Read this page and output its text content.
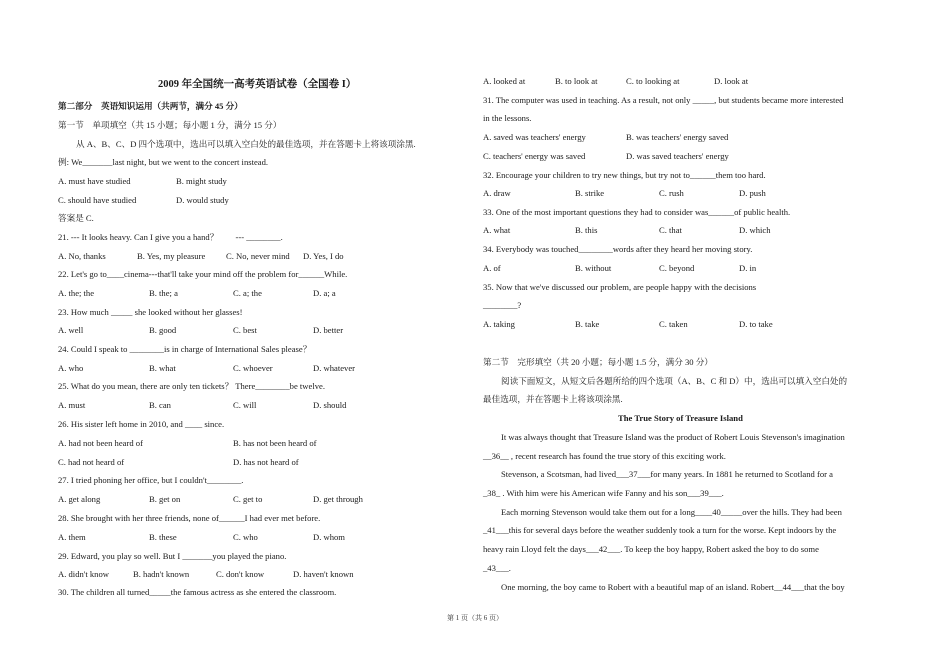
2009 年全国统一高考英语试卷（全国卷 I）
第二部分　英语知识运用（共两节，满分 45 分）
第一节　单项填空（共 15 小题；每小题 1 分，满分 15 分）
从 A、B、C、D 四个选项中，选出可以填入空白处的最佳选项，并在答题卡上将该项涂黑.
例: We_______last night, but we went to the concert instead.
A. must have studied	B. might study
C. should have studied	D. would study
答案是 C.
21. --- It looks heavy. Can I give you a hand？　　--- ________.
A. No, thanks	B. Yes, my pleasure C. No, never mind D. Yes, I do
22. Let's go to____cinema---that'll take your mind off the problem for______While.
A. the; the	B. the; a	C. a; the	D. a; a
23. How much _____ she looked without her glasses!
A. well	B. good	C. best	D. better
24. Could I speak to ________is in charge of International Sales please？
A. who	B. what	C. whoever	D. whatever
25. What do you mean, there are only ten tickets？ There________be twelve.
A. must	B. can	C. will	D. should
26. His sister left home in 2010, and ____ since.
A. had not been heard of	B. has not been heard of
C. had not heard of	D. has not heard of
27. I tried phoning her office, but I couldn't________.
A. get along	B. get on	C. get to	D. get through
28. She brought with her three friends, none of______I had ever met before.
A. them	B. these	C. who	D. whom
29. Edward, you play so well. But I _______you played the piano.
A. didn't know	B. hadn't known	C. don't know	D. haven't known
30. The children all turned_____the famous actress as she entered the classroom.
A. looked at	B. to look at	C. to looking at	D. look at
31. The computer was used in teaching. As a result, not only _____, but students became more interested
in the lessons.
A. saved was teachers' energy	B. was teachers' energy saved
C. teachers' energy was saved	D. was saved teachers' energy
32. Encourage your children to try new things, but try not to______them too hard.
A. draw	B. strike	C. rush	D. push
33. One of the most important questions they had to consider was______of public health.
A. what	B. this	C. that	D. which
34. Everybody was touched________words after they heard her moving story.
A. of	B. without	C. beyond	D. in
35. Now that we've discussed our problem, are people happy with the decisions
________?
A. taking	B. take	C. taken	D. to take
第二节　完形填空（共 20 小题；每小题 1.5 分，满分 30 分）
阅读下面短文，从短文后各题所给的四个选项（A、B、C 和 D）中，选出可以填入空白处的
最佳选项，并在答题卡上将该项涂黑.
The True Story of Treasure Island
It was always thought that Treasure Island was the product of Robert Louis Stevenson's imagination
__36__ , recent research has found the true story of this exciting work.
Stevenson, a Scotsman, had lived___37___for many years. In 1881 he returned to Scotland for a
_38_ . With him were his American wife Fanny and his son___39___.
Each morning Stevenson would take them out for a long____40_____over the hills. They had been
_41___this for several days before the weather suddenly took a turn for the worse. Kept indoors by the
heavy rain Lloyd felt the days___42___. To keep the boy happy, Robert asked the boy to do some
_43___.
One morning, the boy came to Robert with a beautiful map of an island. Robert__44___that the boy
第 1 页（共 6 页）
